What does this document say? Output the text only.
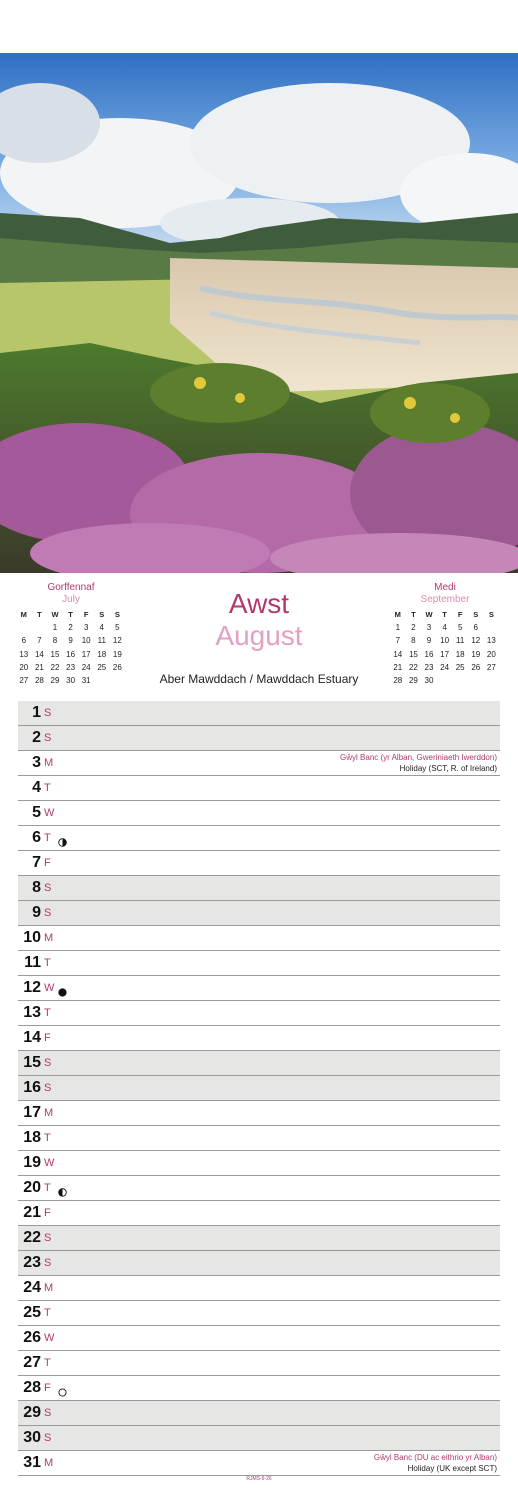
Gorffennaf
July
M	T	W	T	F	S	S
		1	2	3	4	5
6	7	8	9	10	11	12
13	14	15	16	17	18	19
20	21	22	23	24	25	26
27	28	29	30	31		
Medi
September
M	T	W	T	F	S	S
1	2	3	4	5	6	
7	8	9	10	11	12	13
14	15	16	17	18	19	20
21	22	23	24	25	26	27
28	29	30				
Awst
August
Aber Mawddach / Mawddach Estuary
1 S
2 S
3 M	Gŵyl Banc (yr Alban, Gweriniaeth Iwerddon)
Holiday (SCT, R. of Ireland)
4 T
5 W
6 T
7 F
8 S
9 S
10 M
11 T
12 W
13 T
14 F
15 S
16 S
17 M
18 T
19 W
20 T
21 F
22 S
23 S
24 M
25 T
26 W
27 T
28 F
29 S
30 S
31 M	Gŵyl Banc (DU ac eithrio yr Alban)
Holiday (UK except SCT)
RJMS-9-26
